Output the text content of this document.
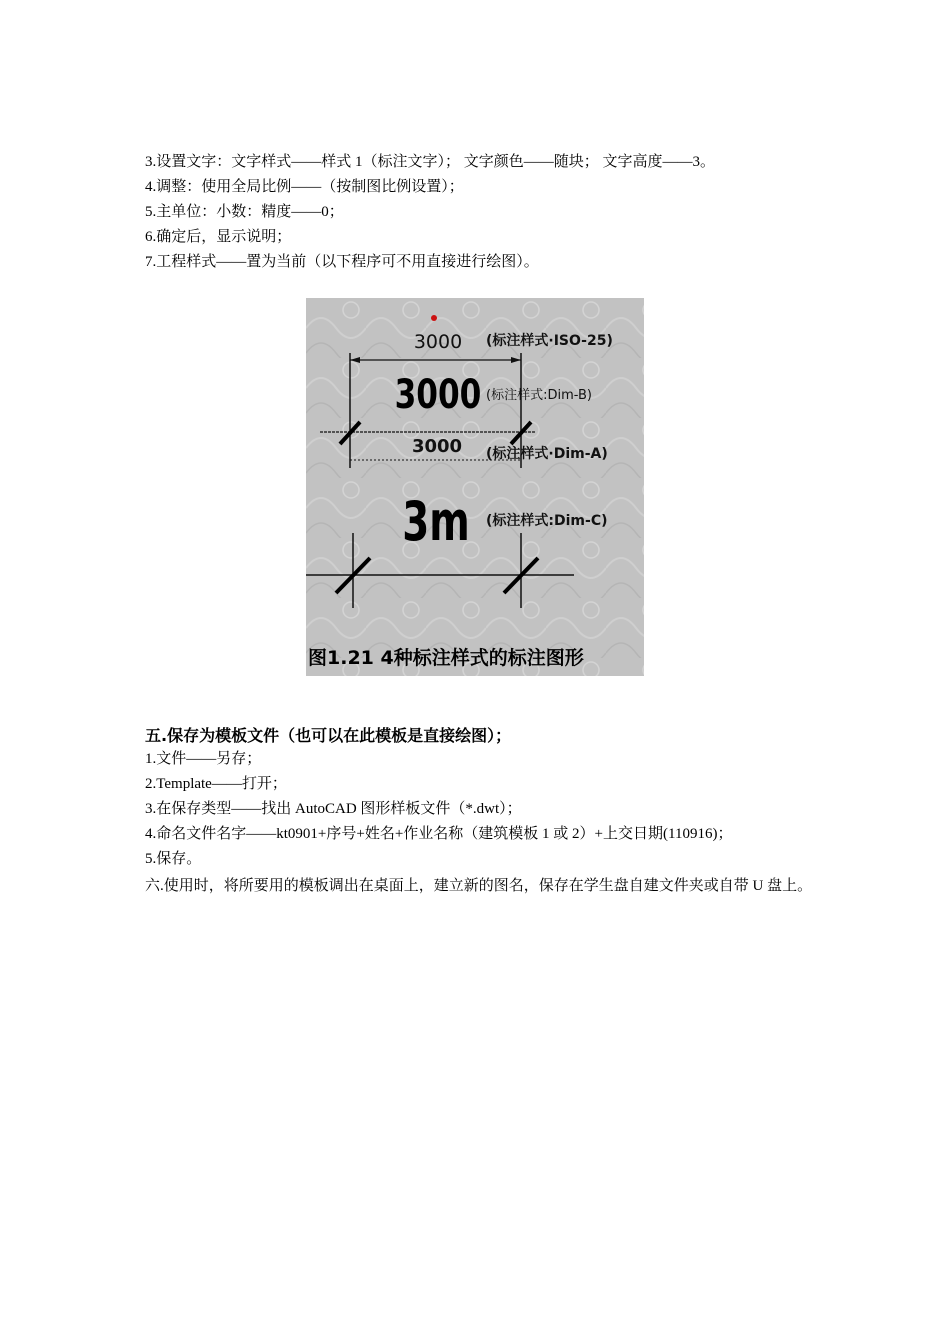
3.设置文字：文字样式——样式 1（标注文字）； 文字颜色——随块； 文字高度——3。
4.调整：使用全局比例——（按制图比例设置）；
5.主单位：小数：精度——0；
6.确定后，显示说明；
7.工程样式——置为当前（以下程序可不用直接进行绘图）。
3000
3000
3000
3m
(标注样式·ISO-25)
(标注样式:Dim-B)
(标注样式·Dim-A)
(标注样式:Dim-C)
图1.21 4种标注样式的标注图形
五.保存为模板文件（也可以在此模板是直接绘图）；
1.文件——另存；
2.Template——打开；
3.在保存类型——找出 AutoCAD 图形样板文件（*.dwt）；
4.命名文件名字——kt0901+序号+姓名+作业名称（建筑模板 1 或 2）+上交日期(110916)；
5.保存。
六.使用时，将所要用的模板调出在桌面上，建立新的图名，保存在学生盘自建文件夹或自带 U 盘上。
